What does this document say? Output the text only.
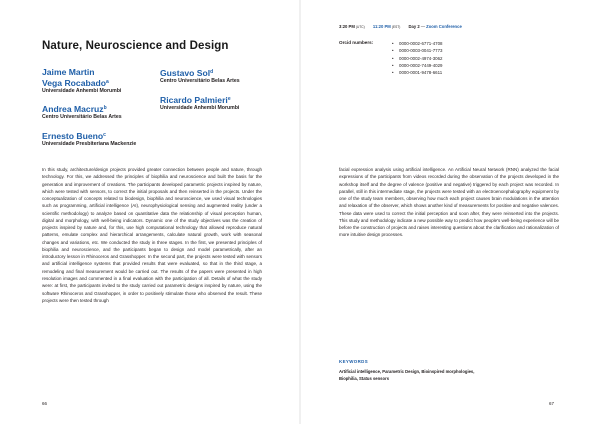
Nature, Neuroscience and Design
Jaime Martin
Vega Rocabado$^a$
Universidade Anhembi Morumbi
Andrea Macruz$^b$
Centro Universitário Belas Artes
Ernesto Bueno$^c$
Universidade Presbiteriana Mackenzie
Gustavo Sol$^d$
Centro Universitário Belas Artes
Ricardo Palmieri$^e$
Universidade Anhembi Morumbi

In this study, architecture/design projects provided greater connection between people and nature, through technology. For this, we addressed the principles of biophilia and neuroscience and built the basis for the generation and improvement of creations. The participants developed parametric projects inspired by nature, which were tested with sensors, to correct the initial proposals and then reinserted in the projects. Under the conceptualization of concepts related to biodesign, biophilia and neuroscience, we used visual technologies such as programming, artificial intelligence (AI), neurophysiological sensing and augmented reality (under a scientific methodology) to analyze based on quantitative data the relationship of visual perception human, digital and morphology, with well-being indicators. Dynamic one of the study objectives was the creation of projects inspired by nature and, for this, use high computational technology that allowed reproduce natural patterns, emulate complex and hierarchical arrangements, calculate natural growth, work with seasonal changes and variations, etc. We conducted the study in three stages. In the first, we presented principles of biophilia and neuroscience, and the participants began to design and model parametrically, after an introductory lesson in Rhinoceros and Grasshopper. In the second part, the projects were tested with sensors and artificial intelligence systems that provided results that were evaluated, so that in the third stage, a remodeling and final measurement would be carried out. The results of the papers were presented in high resolution images and commented in a final evaluation with the participation of all. Details of what the study were: at first, the participants invited to the study carried out parametric designs inspired by nature, using the software Rhinoceros and Grasshopper, in order to positively stimulate those who observed the result. These projects were then tested through

66
3:20 PM (UTC) 11:20 PM (EST) Day 2 — Zoom Conference
Orcid numbers:	•	0000-0002-6771-4708
•	0000-0003-0041-7773
•	0000-0002-4974-3062
•	0000-0002-7449-4029
•	0000-0001-9478-6611

facial expression analysis using artificial intelligence. An Artificial Neural Network (RNN) analyzed the facial expressions of the participants from videos recorded during the observation of the projects developed in the workshop itself and the degree of valence (positive and negative) triggered by each project was recorded. In parallel, still in this intermediate stage, the projects were tested with an electroencephalography equipment by one of the study team members, observing how much each project causes brain modulations in the attention and relaxation of the observer, which shows another kind of measurements for positive and negative valences. These data were used to correct the initial perception and soon after, they were reinserted into the projects. This study and methodology indicate a new possible way to predict how people's well-being experience will be before the construction of projects and raises interesting questions about the clarification and rationalization of more intuitive design processes.

KEYWORDS
Artificial intelligence, Parametric Design, Bioinspired morphologies, Biophilia, Status sensors
67
